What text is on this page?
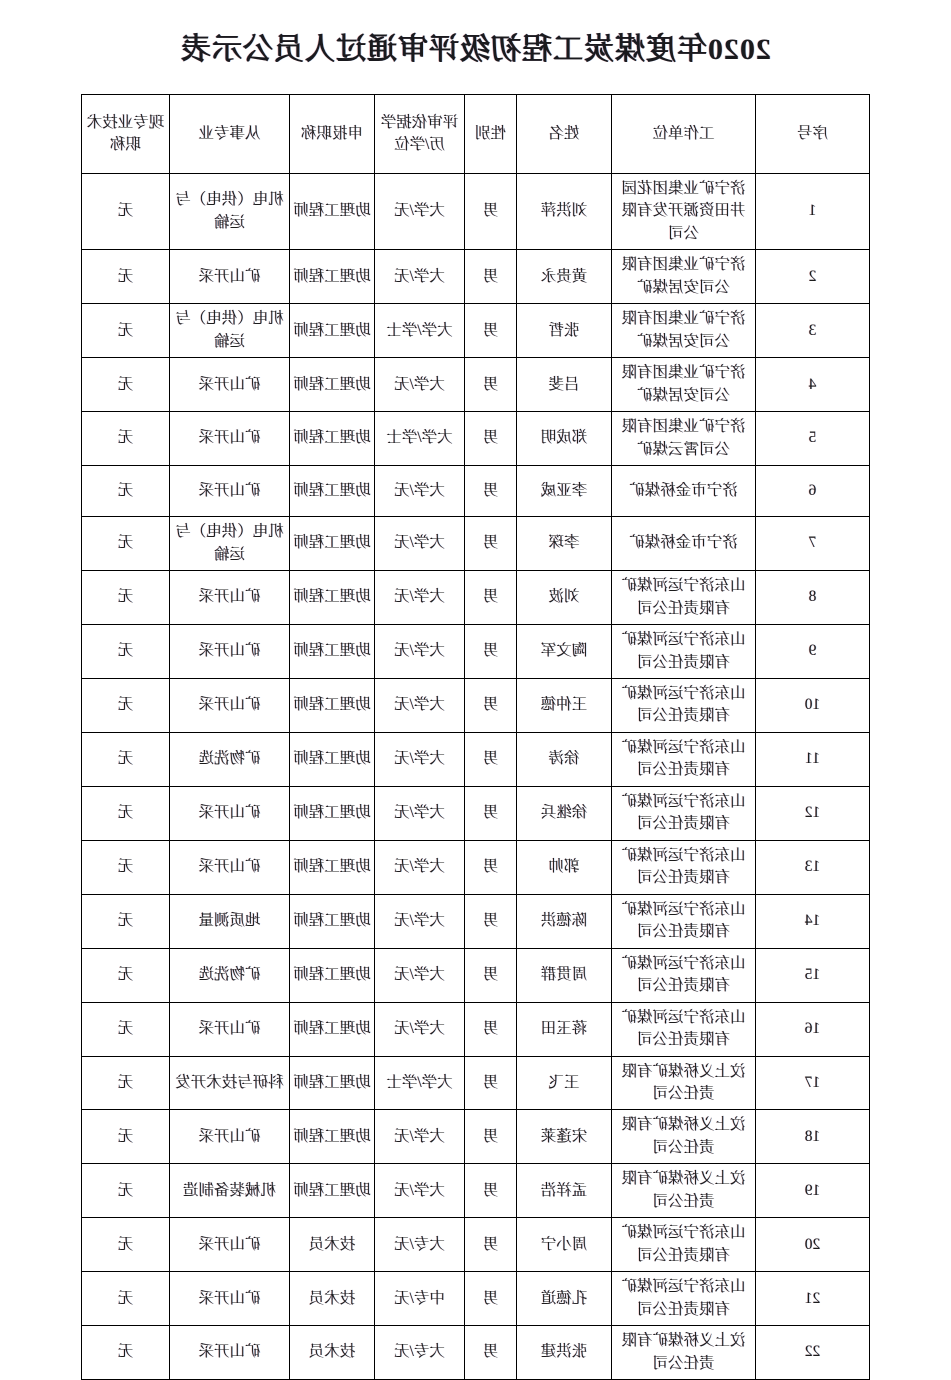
2020年度煤炭工程初级评审通过人员公示表
序号	工作单位	姓名	性别	评审依据学历/学位	申报职称	从事专业	现专业技术职称
1	济宁矿业集团花园井田资源开发有限公司	刘洪萍	男	大学/无	助理工程师	机电（供电）与运输	无
2	济宁矿业集团有限公司安居煤矿	黄贵永	男	大学/无	助理工程师	矿山开采	无
3	济宁矿业集团有限公司安居煤矿	张哲	男	大学/学士	助理工程师	机电（供电）与运输	无
4	济宁矿业集团有限公司安居煤矿	吕斐	男	大学/无	助理工程师	矿山开采	无
5	济宁矿业集团有限公司霄云煤矿	郑成明	男	大学/学士	助理工程师	矿山开采	无
6	济宁市金桥煤矿	李亚威	男	大学/无	助理工程师	矿山开采	无
7	济宁市金桥煤矿	李琛	男	大学/无	助理工程师	机电（供电）与运输	无
8	山东济宁运河煤矿有限责任公司	刘波	男	大学/无	助理工程师	矿山开采	无
9	山东济宁运河煤矿有限责任公司	陶文军	男	大学/无	助理工程师	矿山开采	无
10	山东济宁运河煤矿有限责任公司	王仲德	男	大学/无	助理工程师	矿山开采	无
11	山东济宁运河煤矿有限责任公司	徐涛	男	大学/无	助理工程师	矿物洗选	无
12	山东济宁运河煤矿有限责任公司	徐继兵	男	大学/无	助理工程师	矿山开采	无
13	山东济宁运河煤矿有限责任公司	郭帅	男	大学/无	助理工程师	矿山开采	无
14	山东济宁运河煤矿有限责任公司	陈德洪	男	大学/无	助理工程师	地质测量	无
15	山东济宁运河煤矿有限责任公司	周贯群	男	大学/无	助理工程师	矿物洗选	无
16	山东济宁运河煤矿有限责任公司	蒋玉田	男	大学/无	助理工程师	矿山开采	无
17	汶上义桥煤矿有限责任公司	王飞	男	大学/学士	助理工程师	科研与技术开发	无
18	汶上义桥煤矿有限责任公司	宋蓬莱	男	大学/无	助理工程师	矿山开采	无
19	汶上义桥煤矿有限责任公司	孟祥浩	男	大学/无	助理工程师	机械装备制造	无
20	山东济宁运河煤矿有限责任公司	周小宁	男	大专/无	技术员	矿山开采	无
21	山东济宁运河煤矿有限责任公司	孔德道	男	中专/无	技术员	矿山开采	无
22	汶上义桥煤矿有限责任公司	张洪建	男	大专/无	技术员	矿山开采	无
